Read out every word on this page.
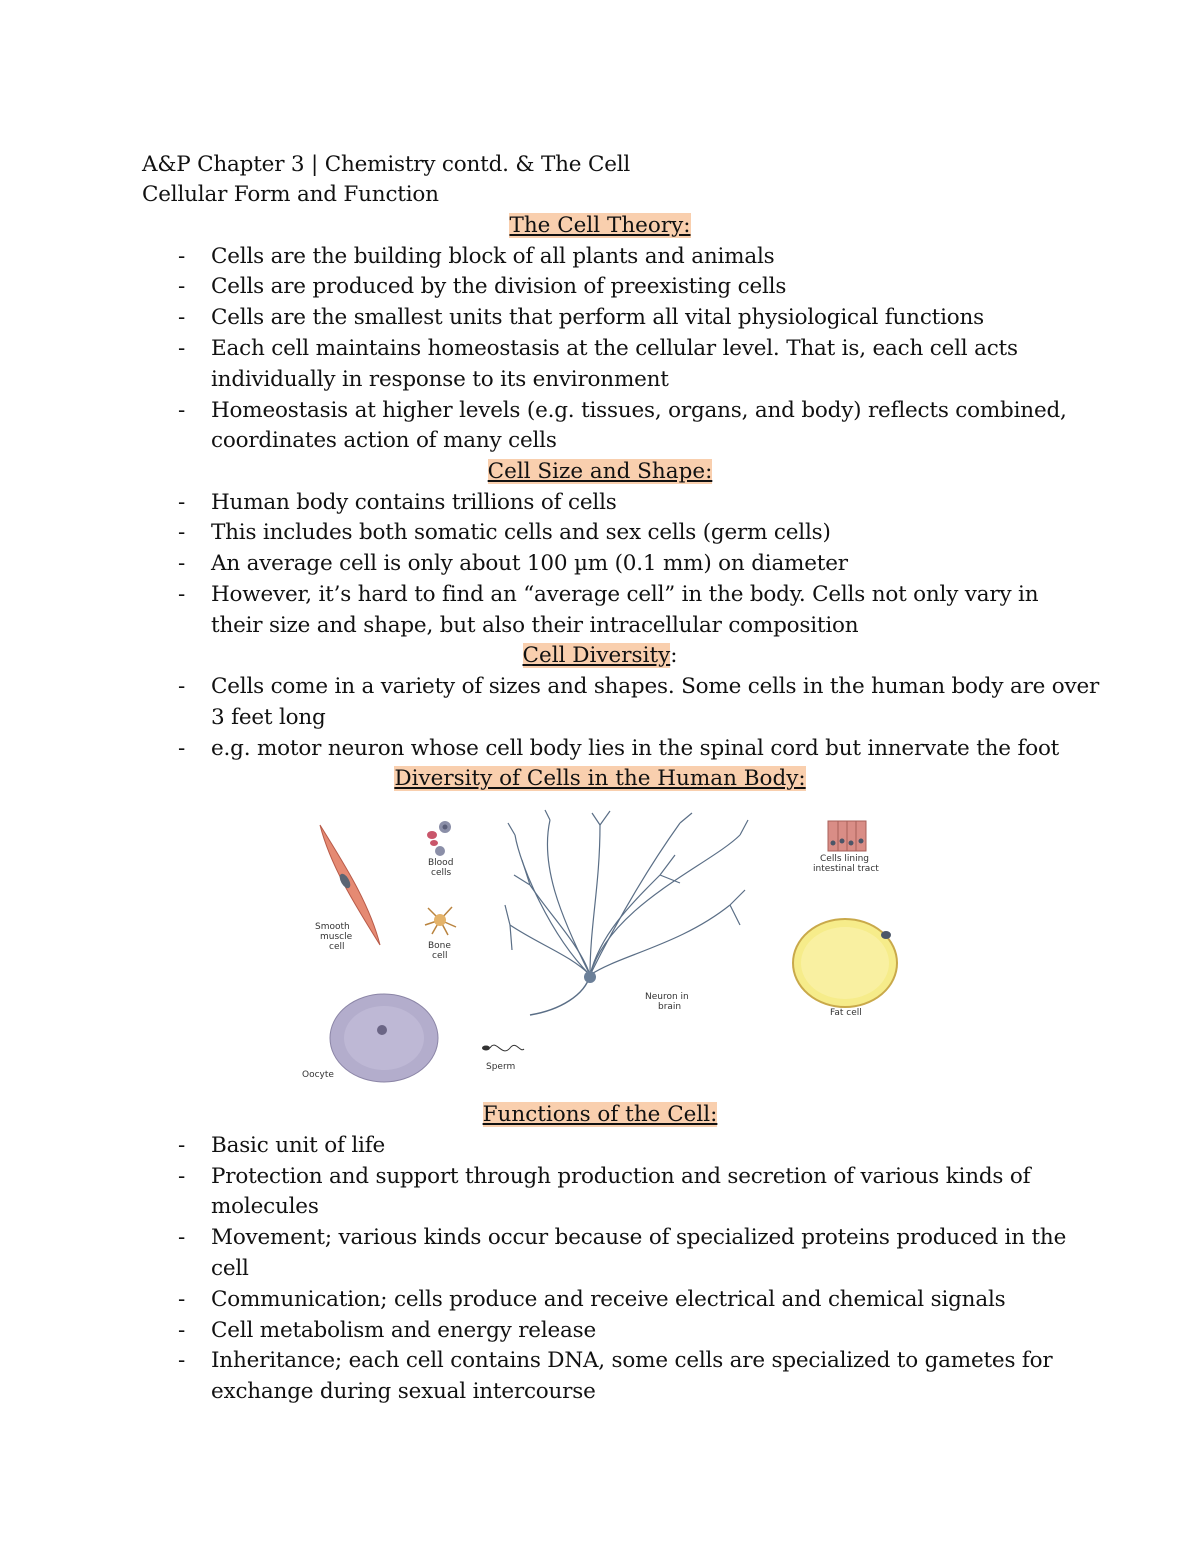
A&P Chapter 3 | Chemistry contd. & The Cell
Cellular Form and Function
The Cell Theory:
- Cells are the building block of all plants and animals
- Cells are produced by the division of preexisting cells
- Cells are the smallest units that perform all vital physiological functions
- Each cell maintains homeostasis at the cellular level. That is, each cell acts
individually in response to its environment
- Homeostasis at higher levels (e.g. tissues, organs, and body) reflects combined,
coordinates action of many cells
Cell Size and Shape:
- Human body contains trillions of cells
- This includes both somatic cells and sex cells (germ cells)
- An average cell is only about 100 µm (0.1 mm) on diameter
- However, it’s hard to find an “average cell” in the body. Cells not only vary in
their size and shape, but also their intracellular composition
Cell Diversity:
- Cells come in a variety of sizes and shapes. Some cells in the human body are over
3 feet long
- e.g. motor neuron whose cell body lies in the spinal cord but innervate the foot
Diversity of Cells in the Human Body:
Smooth
muscle
cell
Blood
cells
Bone
cell
Neuron in
brain
Cells lining
intestinal tract
Fat cell
Oocyte
Sperm
Functions of the Cell:
- Basic unit of life
- Protection and support through production and secretion of various kinds of
molecules
- Movement; various kinds occur because of specialized proteins produced in the
cell
- Communication; cells produce and receive electrical and chemical signals
- Cell metabolism and energy release
- Inheritance; each cell contains DNA, some cells are specialized to gametes for
exchange during sexual intercourse
